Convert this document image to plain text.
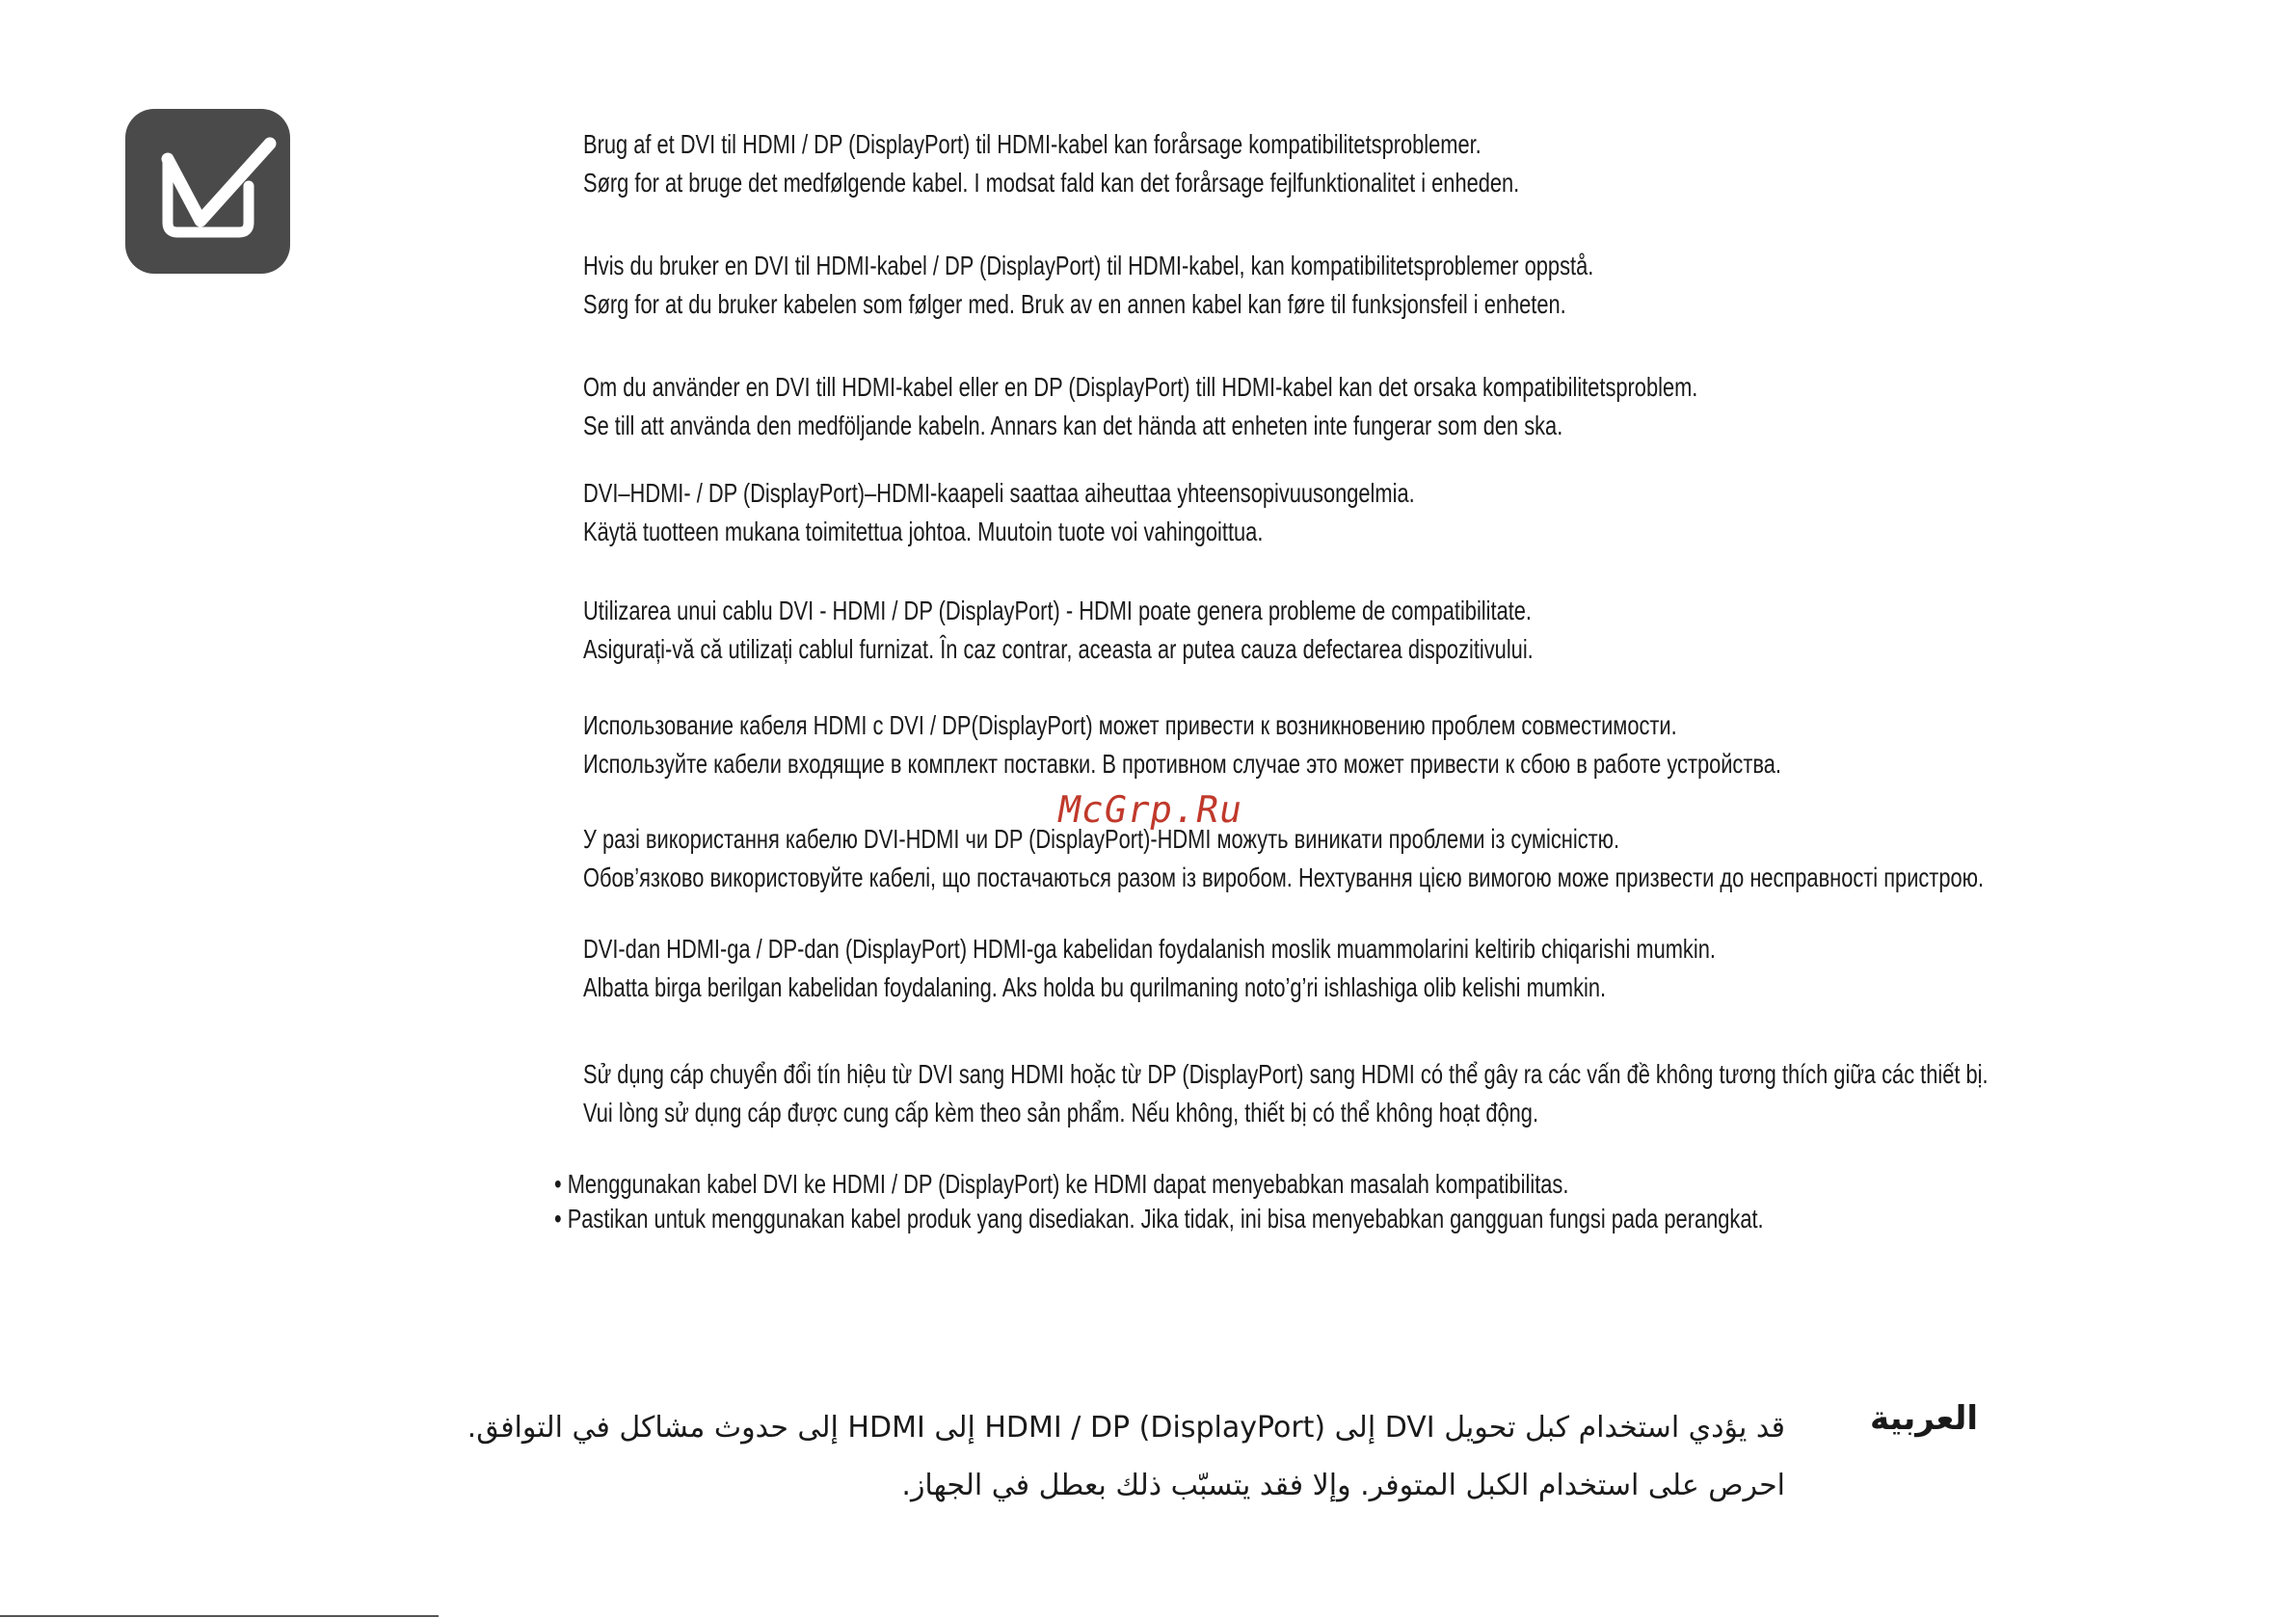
Brug af et DVI til HDMI / DP (DisplayPort) til HDMI-kabel kan forårsage kompatibilitetsproblemer.
Sørg for at bruge det medfølgende kabel. I modsat fald kan det forårsage fejlfunktionalitet i enheden.
Hvis du bruker en DVI til HDMI-kabel / DP (DisplayPort) til HDMI-kabel, kan kompatibilitetsproblemer oppstå.
Sørg for at du bruker kabelen som følger med. Bruk av en annen kabel kan føre til funksjonsfeil i enheten.
Om du använder en DVI till HDMI-kabel eller en DP (DisplayPort) till HDMI-kabel kan det orsaka kompatibilitetsproblem.
Se till att använda den medföljande kabeln. Annars kan det hända att enheten inte fungerar som den ska.
DVI–HDMI- / DP (DisplayPort)–HDMI-kaapeli saattaa aiheuttaa yhteensopivuusongelmia.
Käytä tuotteen mukana toimitettua johtoa. Muutoin tuote voi vahingoittua.
Utilizarea unui cablu DVI - HDMI / DP (DisplayPort) - HDMI poate genera probleme de compatibilitate.
Asigurați-vă că utilizați cablul furnizat. În caz contrar, aceasta ar putea cauza defectarea dispozitivului.
Использование кабеля HDMI с DVI / DP(DisplayPort) может привести к возникновению проблем совместимости.
Используйте кабели входящие в комплект поставки. В противном случае это может привести к сбою в работе устройства.
У разі використання кабелю DVI-HDMI чи DP (DisplayPort)-HDMI можуть виникати проблеми із сумісністю.
Обов’язково використовуйте кабелі, що постачаються разом із виробом. Нехтування цією вимогою може призвести до несправності пристрою.
DVI-dan HDMI-ga / DP-dan (DisplayPort) HDMI-ga kabelidan foydalanish moslik muammolarini keltirib chiqarishi mumkin.
Albatta birga berilgan kabelidan foydalaning. Aks holda bu qurilmaning noto’g’ri ishlashiga olib kelishi mumkin.
Sử dụng cáp chuyển đổi tín hiệu từ DVI sang HDMI hoặc từ DP (DisplayPort) sang HDMI có thể gây ra các vấn đề không tương thích giữa các thiết bị.
Vui lòng sử dụng cáp được cung cấp kèm theo sản phẩm. Nếu không, thiết bị có thể không hoạt động.
• Menggunakan kabel DVI ke HDMI / DP (DisplayPort) ke HDMI dapat menyebabkan masalah kompatibilitas.
• Pastikan untuk menggunakan kabel produk yang disediakan. Jika tidak, ini bisa menyebabkan gangguan fungsi pada perangkat.
McGrp.Ru
العربية
قد يؤدي استخدام كبل تحويل DVI إلى HDMI / DP (DisplayPort) إلى HDMI إلى حدوث مشاكل في التوافق.
احرص على استخدام الكبل المتوفر. وإلا فقد يتسبّب ذلك بعطل في الجهاز.
